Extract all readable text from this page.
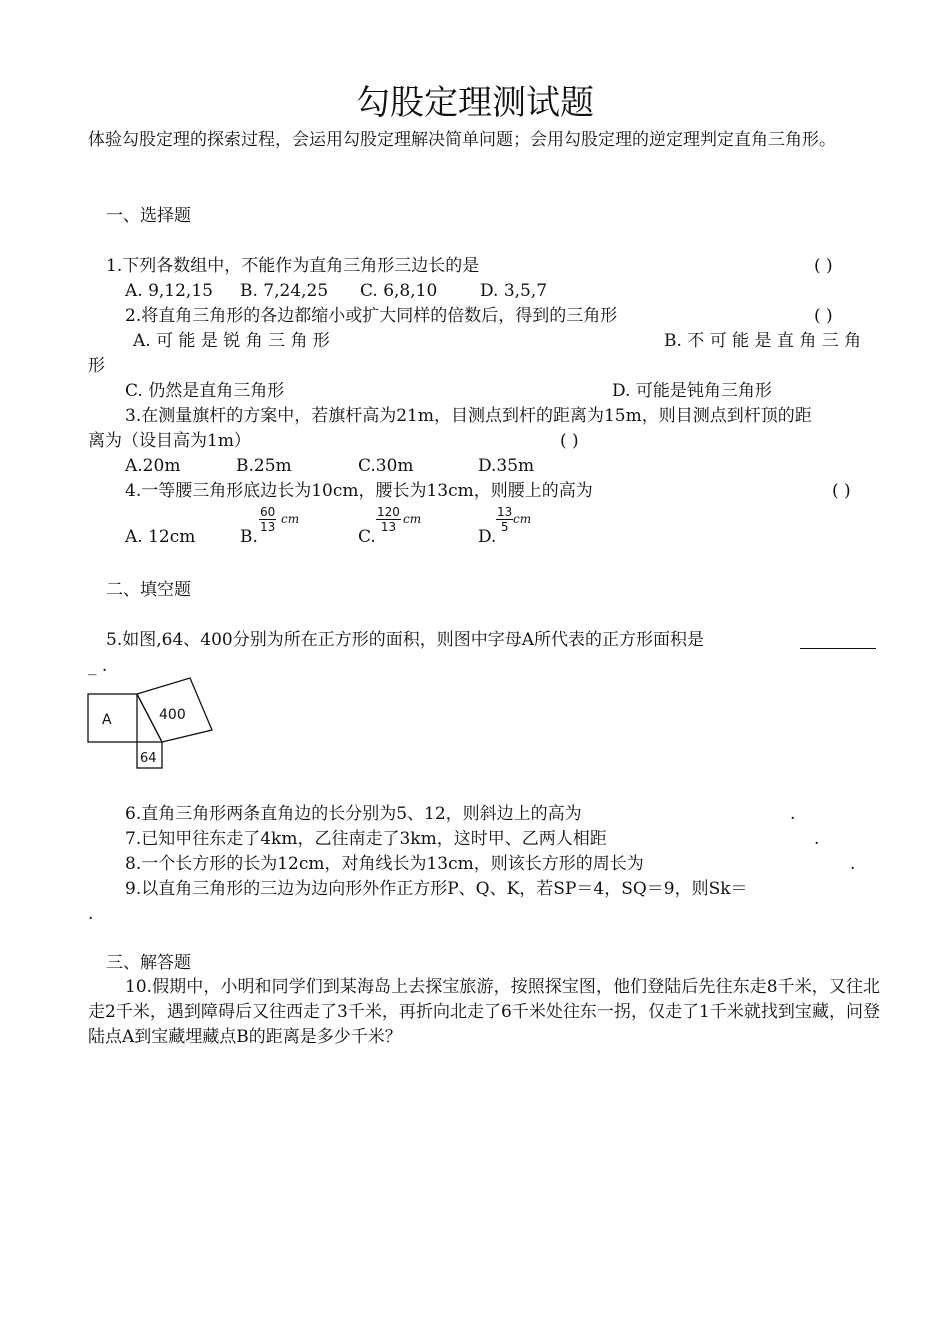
勾股定理测试题
体验勾股定理的探索过程，会运用勾股定理解决简单问题；会用勾股定理的逆定理判定直角三角形。
一、选择题
1.下列各数组中，不能作为直角三角形三边长的是	( )
A. 9,12,15 B. 7,24,25 C. 6,8,10	D. 3,5,7
2.将直角三角形的各边都缩小或扩大同样的倍数后，得到的三角形	( )
A. 可 能 是 锐 角 三 角 形	B. 不 可 能 是 直 角 三 角
形
C. 仍然是直角三角形	D. 可能是钝角三角形
3.在测量旗杆的方案中，若旗杆高为21m，目测点到杆的距离为15m，则目测点到杆顶的距
离为（设目高为1m）	( )
A.20m	B.25m	C.30m	D.35m
4.一等腰三角形底边长为10cm，腰长为13cm，则腰上的高为	( )
A. 12cm	B.
60
13
cm
C.
120
13
cm
D.
13
5
cm
二、填空题
5.如图,64、400分别为所在正方形的面积，则图中字母A所代表的正方形面积是
_ .
A	400
64
6.直角三角形两条直角边的长分别为5、12，则斜边上的高为	.
7.已知甲往东走了4km，乙往南走了3km，这时甲、乙两人相距	.
8.一个长方形的长为12cm，对角线长为13cm，则该长方形的周长为	.
9.以直角三角形的三边为边向形外作正方形P、Q、K，若SP＝4，SQ＝9，则Sk＝
.
三、解答题
10.假期中，小明和同学们到某海岛上去探宝旅游，按照探宝图，他们登陆后先往东走8千米，又往北走2千米，遇到障碍后又往西走了3千米，再折向北走了6千米处往东一拐，仅走了1千米就找到宝藏，问登陆点A到宝藏埋藏点B的距离是多少千米？
